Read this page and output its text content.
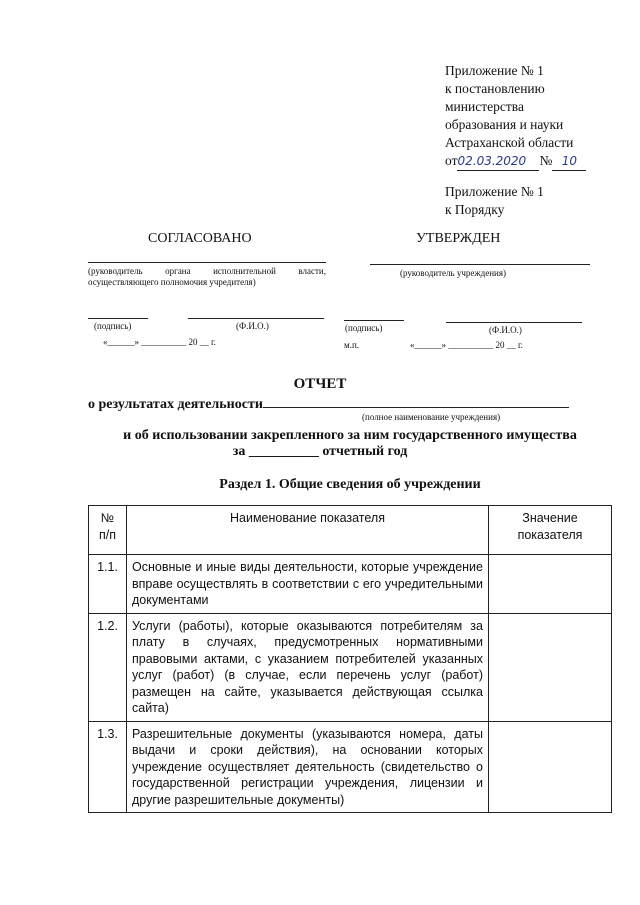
Приложение № 1
к постановлению
министерства
образования и науки
Астраханской области
от02.03.2020 № 10
Приложение № 1
к Порядку
СОГЛАСОВАНО	УТВЕРЖДЕН
(руководитель органа исполнительной власти, осуществляющего полномочия учредителя)
(руководитель учреждения)
(подпись)	(Ф.И.О.)	(подпись)	(Ф.И.О.)
«______» __________ 20 __ г.	м.п.	«______» __________ 20 __ г.
ОТЧЕТ
о результатах деятельности
(полное наименование учреждения)
и об использовании закрепленного за ним государственного имущества
за __________ отчетный год
Раздел 1. Общие сведения об учреждении
№ п/п	Наименование показателя	Значение показателя
1.1.	Основные и иные виды деятельности, которые учреждение вправе осуществлять в соответствии с его учредительными документами	
1.2.	Услуги (работы), которые оказываются потребителям за плату в случаях, предусмотренных нормативными правовыми актами, с указанием потребителей указанных услуг (работ) (в случае, если перечень услуг (работ) размещен на сайте, указывается действующая ссылка сайта)	
1.3.	Разрешительные документы (указываются номера, даты выдачи и сроки действия), на основании которых учреждение осуществляет деятельность (свидетельство о государственной регистрации учреждения, лицензии и другие разрешительные документы)	
